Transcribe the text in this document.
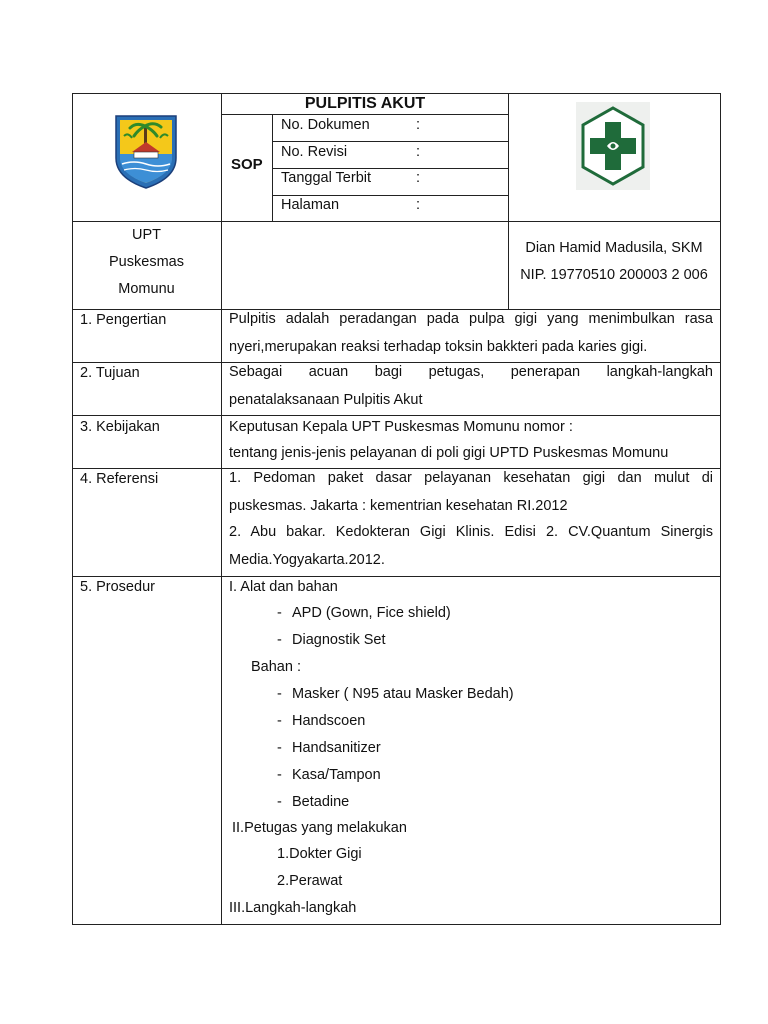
PULPITIS AKUT
SOP
No. Dokumen	:
No. Revisi	:
Tanggal Terbit	:
Halaman	:
UPT
Puskesmas
Momunu
Dian Hamid Madusila, SKM
NIP. 19770510 200003 2 006
1. Pengertian	Pulpitis adalah peradangan pada pulpa gigi yang menimbulkan rasa
nyeri,merupakan reaksi terhadap toksin bakkteri pada karies gigi.
2. Tujuan	Sebagai acuan bagi petugas, penerapan langkah-langkah
penatalaksanaan Pulpitis Akut
3. Kebijakan	Keputusan Kepala UPT Puskesmas Momunu nomor :
tentang jenis-jenis pelayanan di poli gigi UPTD Puskesmas Momunu
4. Referensi	1. Pedoman paket dasar pelayanan kesehatan gigi dan mulut di
puskesmas. Jakarta : kementrian kesehatan RI.2012
2. Abu bakar. Kedokteran Gigi Klinis. Edisi 2. CV.Quantum Sinergis
Media.Yogyakarta.2012.
5. Prosedur	I. Alat dan bahan
- APD (Gown, Fice shield)
- Diagnostik Set
Bahan :
- Masker ( N95 atau Masker Bedah)
- Handscoen
- Handsanitizer
- Kasa/Tampon
- Betadine
II.Petugas yang melakukan
1.Dokter Gigi
2.Perawat
III.Langkah-langkah
